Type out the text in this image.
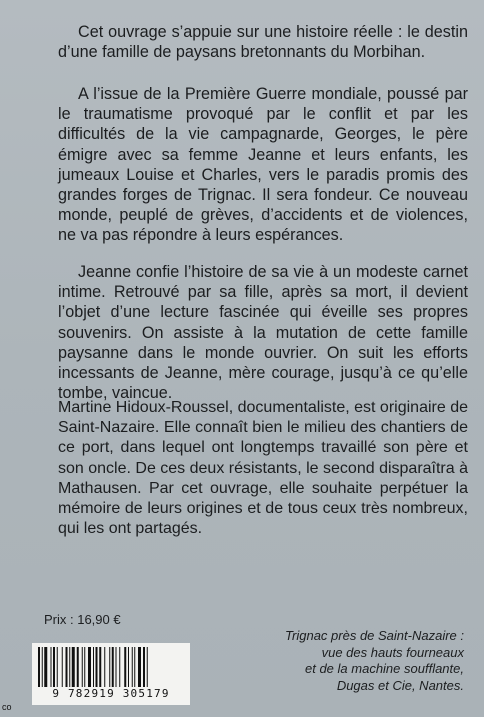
Cet ouvrage s’appuie sur une histoire réelle : le destin d’une famille de paysans bretonnants du Morbihan.

A l’issue de la Première Guerre mondiale, poussé par le traumatisme provoqué par le conflit et par les difficultés de la vie campagnarde, Georges, le père émigre avec sa femme Jeanne et leurs enfants, les jumeaux Louise et Charles, vers le paradis promis des grandes forges de Trignac. Il sera fondeur. Ce nouveau monde, peuplé de grèves, d’accidents et de violences, ne va pas répondre à leurs espérances.

Jeanne confie l’histoire de sa vie à un modeste carnet intime. Retrouvé par sa fille, après sa mort, il devient l’objet d’une lecture fascinée qui éveille ses propres souvenirs. On assiste à la mutation de cette famille paysanne dans le monde ouvrier. On suit les efforts incessants de Jeanne, mère courage, jusqu’à ce qu’elle tombe, vaincue.

Martine Hidoux-Roussel, documentaliste, est originaire de Saint-Nazaire. Elle connaît bien le milieu des chantiers de ce port, dans lequel ont longtemps travaillé son père et son oncle. De ces deux résistants, le second disparaîtra à Mathausen. Par cet ouvrage, elle souhaite perpétuer la mémoire de leurs origines et de tous ceux très nombreux, qui les ont partagés.

Prix : 16,90 €
9 782919 305179
Trignac près de Saint-Nazaire :
vue des hauts fourneaux
et de la machine soufflante,
Dugas et Cie, Nantes.
co
